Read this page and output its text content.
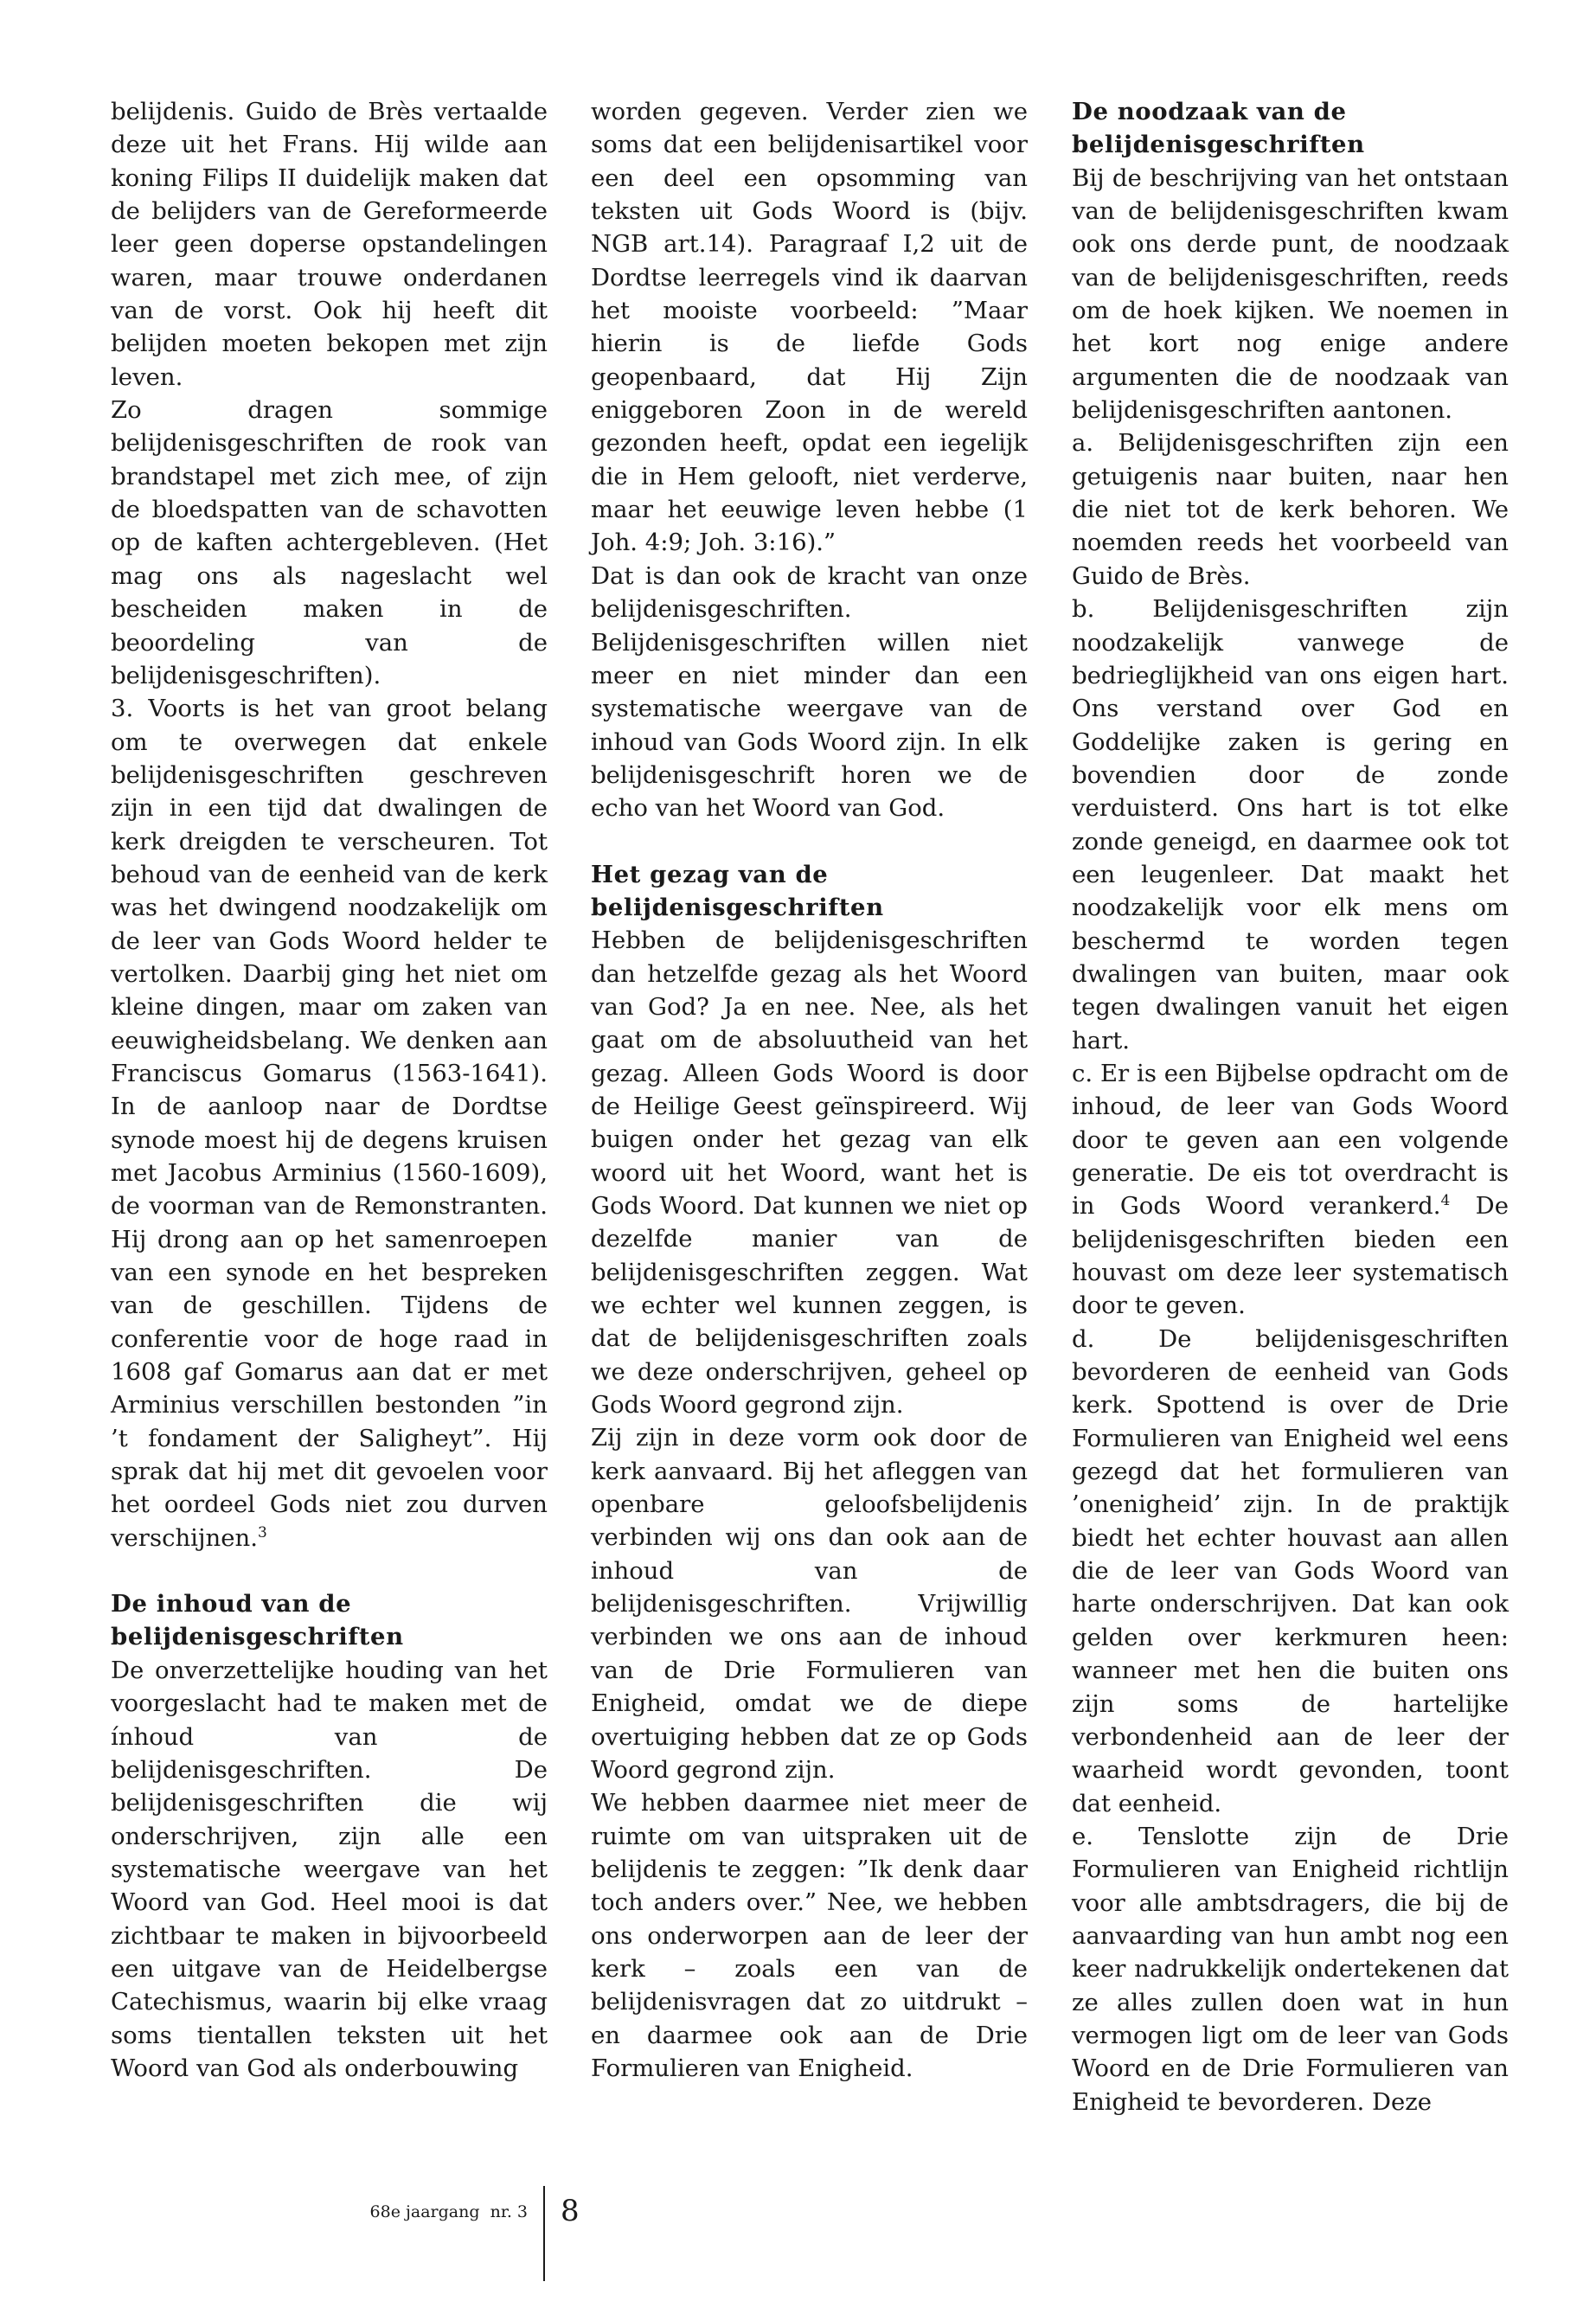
belijdenis. Guido de Brès vertaalde deze uit het Frans. Hij wilde aan koning Filips II duidelijk maken dat de belijders van de Gereformeerde leer geen doperse opstandelingen waren, maar trouwe onderdanen van de vorst. Ook hij heeft dit belijden moeten bekopen met zijn leven.

Zo dragen sommige belijdenisgeschriften de rook van brandstapel met zich mee, of zijn de bloedspatten van de schavotten op de kaften achtergebleven. (Het mag ons als nageslacht wel bescheiden maken in de beoordeling van de belijdenisgeschriften).

3. Voorts is het van groot belang om te overwegen dat enkele belijdenisgeschriften geschreven zijn in een tijd dat dwalingen de kerk dreigden te verscheuren. Tot behoud van de eenheid van de kerk was het dwingend noodzakelijk om de leer van Gods Woord helder te vertolken. Daarbij ging het niet om kleine dingen, maar om zaken van eeuwigheidsbelang. We denken aan Franciscus Gomarus (1563-1641). In de aanloop naar de Dordtse synode moest hij de degens kruisen met Jacobus Arminius (1560-1609), de voorman van de Remonstranten. Hij drong aan op het samenroepen van een synode en het bespreken van de geschillen. Tijdens de conferentie voor de hoge raad in 1608 gaf Gomarus aan dat er met Arminius verschillen bestonden ”in ’t fondament der Saligheyt”. Hij sprak dat hij met dit gevoelen voor het oordeel Gods niet zou durven verschijnen.$^3$

De inhoud van de belijdenisgeschriften

De onverzettelijke houding van het voorgeslacht had te maken met de ínhoud van de belijdenisgeschriften. De belijdenisgeschriften die wij onderschrijven, zijn alle een systematische weergave van het Woord van God. Heel mooi is dat zichtbaar te maken in bijvoorbeeld een uitgave van de Heidelbergse Catechismus, waarin bij elke vraag soms tientallen teksten uit het Woord van God als onderbouwing

worden gegeven. Verder zien we soms dat een belijdenisartikel voor een deel een opsomming van teksten uit Gods Woord is (bijv. NGB art.14). Paragraaf I,2 uit de Dordtse leerregels vind ik daarvan het mooiste voorbeeld: ”Maar hierin is de liefde Gods geopenbaard, dat Hij Zijn eniggeboren Zoon in de wereld gezonden heeft, opdat een iegelijk die in Hem gelooft, niet verderve, maar het eeuwige leven hebbe (1 Joh. 4:9; Joh. 3:16).”

Dat is dan ook de kracht van onze belijdenisgeschriften. Belijdenisgeschriften willen niet meer en niet minder dan een systematische weergave van de inhoud van Gods Woord zijn. In elk belijdenisgeschrift horen we de echo van het Woord van God.

Het gezag van de belijdenisgeschriften

Hebben de belijdenisgeschriften dan hetzelfde gezag als het Woord van God? Ja en nee. Nee, als het gaat om de absoluutheid van het gezag. Alleen Gods Woord is door de Heilige Geest geïnspireerd. Wij buigen onder het gezag van elk woord uit het Woord, want het is Gods Woord. Dat kunnen we niet op dezelfde manier van de belijdenisgeschriften zeggen. Wat we echter wel kunnen zeggen, is dat de belijdenisgeschriften zoals we deze onderschrijven, geheel op Gods Woord gegrond zijn.

Zij zijn in deze vorm ook door de kerk aanvaard. Bij het afleggen van openbare geloofsbelijdenis verbinden wij ons dan ook aan de inhoud van de belijdenisgeschriften. Vrijwillig verbinden we ons aan de inhoud van de Drie Formulieren van Enigheid, omdat we de diepe overtuiging hebben dat ze op Gods Woord gegrond zijn.

We hebben daarmee niet meer de ruimte om van uitspraken uit de belijdenis te zeggen: ”Ik denk daar toch anders over.” Nee, we hebben ons onderworpen aan de leer der kerk – zoals een van de belijdenisvragen dat zo uitdrukt – en daarmee ook aan de Drie Formulieren van Enigheid.

De noodzaak van de belijdenisgeschriften

Bij de beschrijving van het ontstaan van de belijdenisgeschriften kwam ook ons derde punt, de noodzaak van de belijdenisgeschriften, reeds om de hoek kijken. We noemen in het kort nog enige andere argumenten die de noodzaak van belijdenisgeschriften aantonen.

a. Belijdenisgeschriften zijn een getuigenis naar buiten, naar hen die niet tot de kerk behoren. We noemden reeds het voorbeeld van Guido de Brès.

b. Belijdenisgeschriften zijn noodzakelijk vanwege de bedrieglijkheid van ons eigen hart. Ons verstand over God en Goddelijke zaken is gering en bovendien door de zonde verduisterd. Ons hart is tot elke zonde geneigd, en daarmee ook tot een leugenleer. Dat maakt het noodzakelijk voor elk mens om beschermd te worden tegen dwalingen van buiten, maar ook tegen dwalingen vanuit het eigen hart.

c. Er is een Bijbelse opdracht om de inhoud, de leer van Gods Woord door te geven aan een volgende generatie. De eis tot overdracht is in Gods Woord verankerd.$^4$ De belijdenisgeschriften bieden een houvast om deze leer systematisch door te geven.

d. De belijdenisgeschriften bevorderen de eenheid van Gods kerk. Spottend is over de Drie Formulieren van Enigheid wel eens gezegd dat het formulieren van ’onenigheid’ zijn. In de praktijk biedt het echter houvast aan allen die de leer van Gods Woord van harte onderschrijven. Dat kan ook gelden over kerkmuren heen: wanneer met hen die buiten ons zijn soms de hartelijke verbondenheid aan de leer der waarheid wordt gevonden, toont dat eenheid.

e. Tenslotte zijn de Drie Formulieren van Enigheid richtlijn voor alle ambtsdragers, die bij de aanvaarding van hun ambt nog een keer nadrukkelijk ondertekenen dat ze alles zullen doen wat in hun vermogen ligt om de leer van Gods Woord en de Drie Formulieren van Enigheid te bevorderen. Deze

68e jaargang  nr. 3 8
